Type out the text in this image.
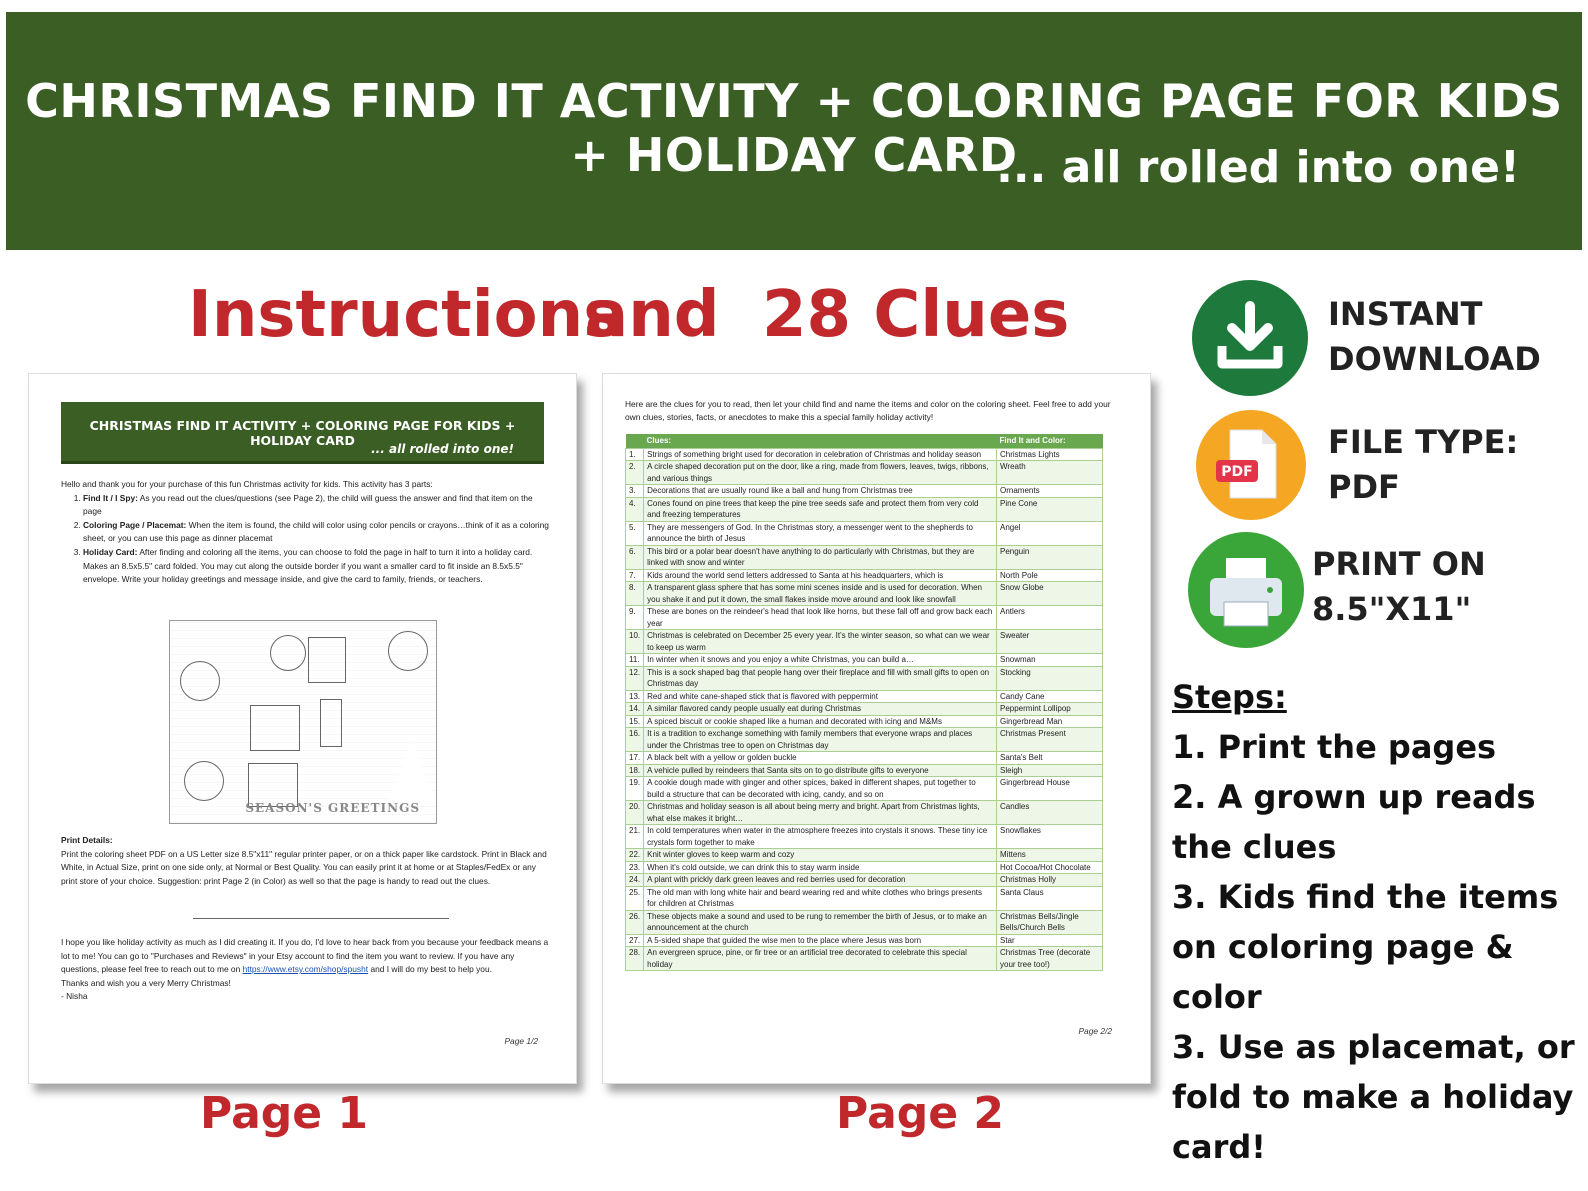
CHRISTMAS FIND IT ACTIVITY + COLORING PAGE FOR KIDS + HOLIDAY CARD
... all rolled into one!
Instructions
and 28 Clues
CHRISTMAS FIND IT ACTIVITY + COLORING PAGE FOR KIDS + HOLIDAY CARD
... all rolled into one!
Hello and thank you for your purchase of this fun Christmas activity for kids. This activity has 3 parts:
1. Find It / I Spy: As you read out the clues/questions (see Page 2), the child will guess the answer and find that item on the page
2. Coloring Page / Placemat: When the item is found, the child will color using color pencils or crayons…think of it as a coloring sheet, or you can use this page as dinner placemat
3. Holiday Card: After finding and coloring all the items, you can choose to fold the page in half to turn it into a holiday card. Makes an 8.5x5.5" card folded. You may cut along the outside border if you want a smaller card to fit inside an 8.5x5.5" envelope. Write your holiday greetings and message inside, and give the card to family, friends, or teachers.
SEASON'S GREETINGS
Print Details:
Print the coloring sheet PDF on a US Letter size 8.5"x11" regular printer paper, or on a thick paper like cardstock. Print in Black and White, in Actual Size, print on one side only, at Normal or Best Quality. You can easily print it at home or at Staples/FedEx or any print store of your choice. Suggestion: print Page 2 (in Color) as well so that the page is handy to read out the clues.
I hope you like holiday activity as much as I did creating it. If you do, I'd love to hear back from you because your feedback means a lot to me! You can go to "Purchases and Reviews" in your Etsy account to find the item you want to review. If you have any questions, please feel free to reach out to me on https://www.etsy.com/shop/spusht and I will do my best to help you.
Thanks and wish you a very Merry Christmas!
- Nisha
Page 1/2
Here are the clues for you to read, then let your child find and name the items and color on the coloring sheet. Feel free to add your own clues, stories, facts, or anecdotes to make this a special family holiday activity!
	Clues:	Find It and Color:
1.	Strings of something bright used for decoration in celebration of Christmas and holiday season	Christmas Lights
2.	A circle shaped decoration put on the door, like a ring, made from flowers, leaves, twigs, ribbons, and various things	Wreath
3.	Decorations that are usually round like a ball and hung from Christmas tree	Ornaments
4.	Cones found on pine trees that keep the pine tree seeds safe and protect them from very cold and freezing temperatures	Pine Cone
5.	They are messengers of God. In the Christmas story, a messenger went to the shepherds to announce the birth of Jesus	Angel
6.	This bird or a polar bear doesn't have anything to do particularly with Christmas, but they are linked with snow and winter	Penguin
7.	Kids around the world send letters addressed to Santa at his headquarters, which is	North Pole
8.	A transparent glass sphere that has some mini scenes inside and is used for decoration. When you shake it and put it down, the small flakes inside move around and look like snowfall	Snow Globe
9.	These are bones on the reindeer's head that look like horns, but these fall off and grow back each year	Antlers
10.	Christmas is celebrated on December 25 every year. It's the winter season, so what can we wear to keep us warm	Sweater
11.	In winter when it snows and you enjoy a white Christmas, you can build a…	Snowman
12.	This is a sock shaped bag that people hang over their fireplace and fill with small gifts to open on Christmas day	Stocking
13.	Red and white cane-shaped stick that is flavored with peppermint	Candy Cane
14.	A similar flavored candy people usually eat during Christmas	Peppermint Lollipop
15.	A spiced biscuit or cookie shaped like a human and decorated with icing and M&Ms	Gingerbread Man
16.	It is a tradition to exchange something with family members that everyone wraps and places under the Christmas tree to open on Christmas day	Christmas Present
17.	A black belt with a yellow or golden buckle	Santa's Belt
18.	A vehicle pulled by reindeers that Santa sits on to go distribute gifts to everyone	Sleigh
19.	A cookie dough made with ginger and other spices, baked in different shapes, put together to build a structure that can be decorated with icing, candy, and so on	Gingerbread House
20.	Christmas and holiday season is all about being merry and bright. Apart from Christmas lights, what else makes it bright…	Candles
21.	In cold temperatures when water in the atmosphere freezes into crystals it snows. These tiny ice crystals form together to make	Snowflakes
22.	Knit winter gloves to keep warm and cozy	Mittens
23.	When it's cold outside, we can drink this to stay warm inside	Hot Cocoa/Hot Chocolate
24.	A plant with prickly dark green leaves and red berries used for decoration	Christmas Holly
25.	The old man with long white hair and beard wearing red and white clothes who brings presents for children at Christmas	Santa Claus
26.	These objects make a sound and used to be rung to remember the birth of Jesus, or to make an announcement at the church	Christmas Bells/Jingle Bells/Church Bells
27.	A 5-sided shape that guided the wise men to the place where Jesus was born	Star
28.	An evergreen spruce, pine, or fir tree or an artificial tree decorated to celebrate this special holiday	Christmas Tree (decorate your tree too!)
Page 2/2
Page 1	Page 2
INSTANT
DOWNLOAD
PDF
FILE TYPE:
PDF
PRINT ON
8.5"X11"
Steps:
1. Print the pages
2. A grown up reads the clues
3. Kids find the items on coloring page & color
3. Use as placemat, or fold to make a holiday card!
